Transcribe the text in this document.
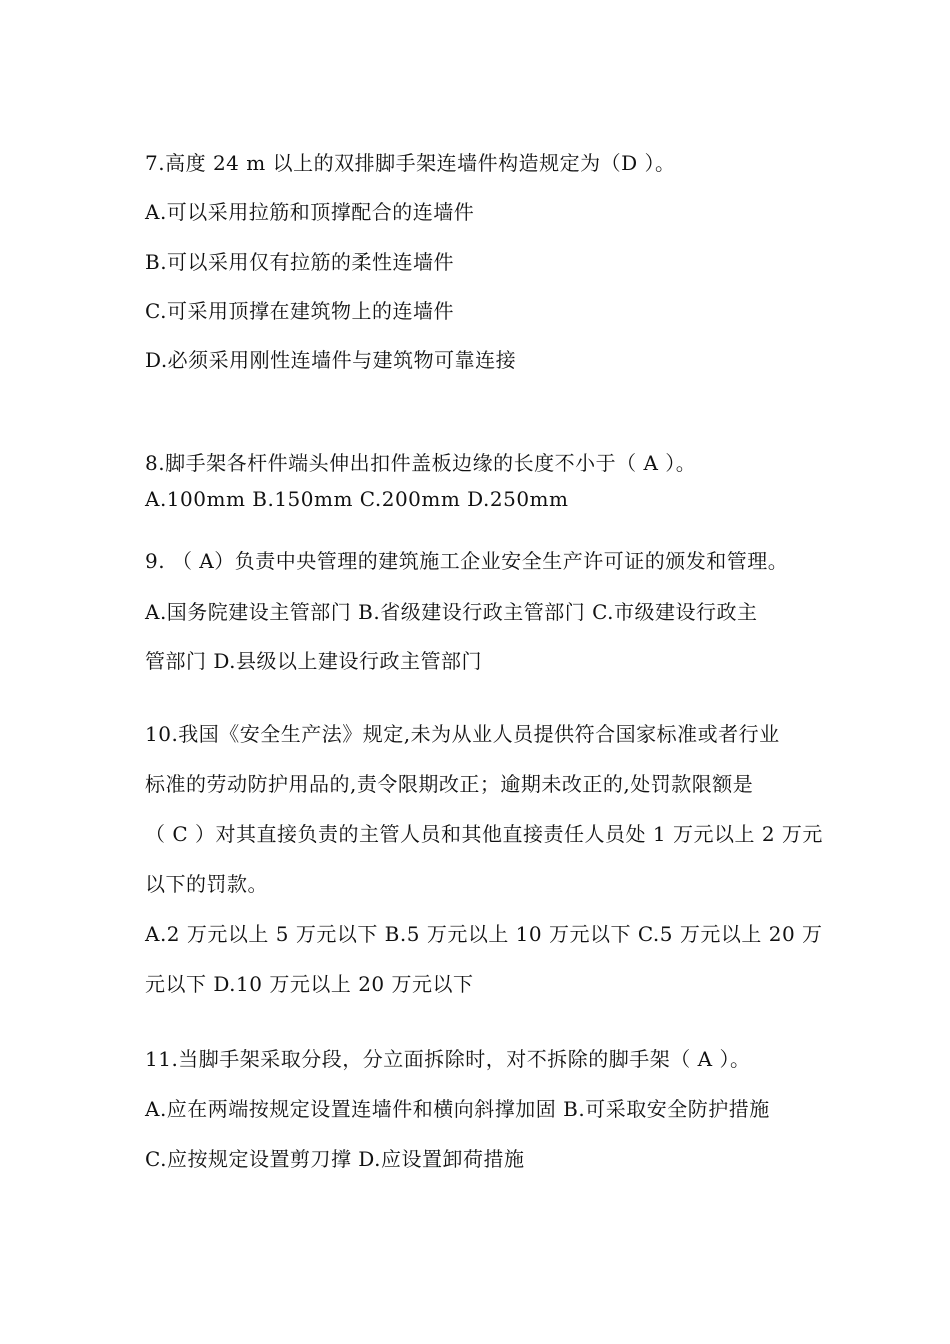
7.高度 24 m 以上的双排脚手架连墙件构造规定为（D ）。
A.可以采用拉筋和顶撑配合的连墙件
B.可以采用仅有拉筋的柔性连墙件
C.可采用顶撑在建筑物上的连墙件
D.必须采用刚性连墙件与建筑物可靠连接
8.脚手架各杆件端头伸出扣件盖板边缘的长度不小于（ A ）。
A.100mm B.150mm C.200mm D.250mm
9. （ A）负责中央管理的建筑施工企业安全生产许可证的颁发和管理。
A.国务院建设主管部门 B.省级建设行政主管部门 C.市级建设行政主
管部门 D.县级以上建设行政主管部门
10.我国《安全生产法》规定,未为从业人员提供符合国家标准或者行业
标准的劳动防护用品的,责令限期改正；逾期未改正的,处罚款限额是
（ C ）对其直接负责的主管人员和其他直接责任人员处 1 万元以上 2 万元
以下的罚款。
A.2 万元以上 5 万元以下 B.5 万元以上 10 万元以下 C.5 万元以上 20 万
元以下 D.10 万元以上 20 万元以下
11.当脚手架采取分段，分立面拆除时，对不拆除的脚手架（ A ）。
A.应在两端按规定设置连墙件和横向斜撑加固 B.可采取安全防护措施
C.应按规定设置剪刀撑 D.应设置卸荷措施
